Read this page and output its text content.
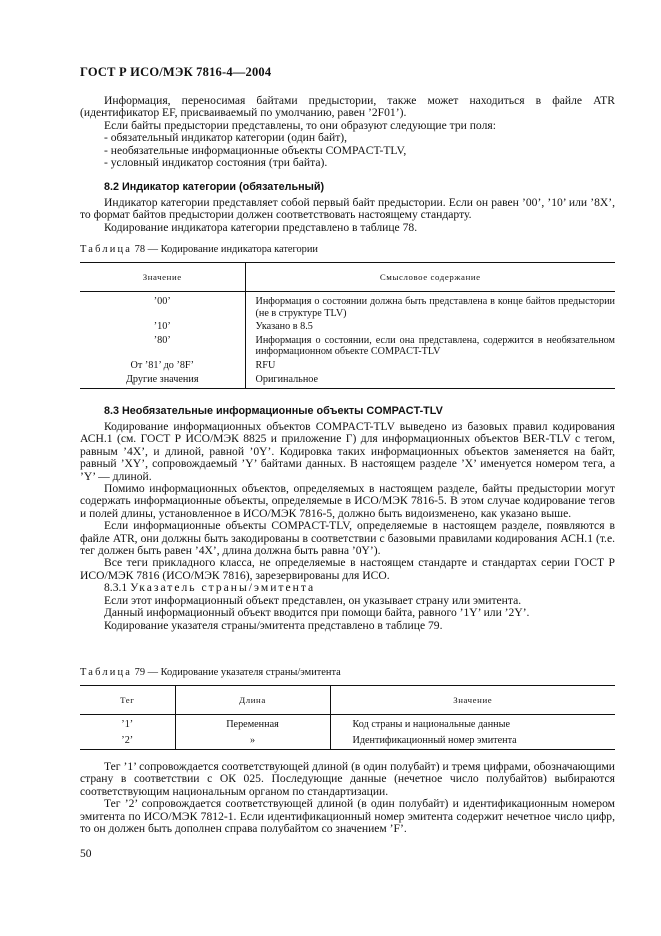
ГОСТ Р ИСО/МЭК 7816-4—2004

Информация, переносимая байтами предыстории, также может находиться в файле ATR (идентификатор EF, присваиваемый по умолчанию, равен ’2F01’).

Если байты предыстории представлены, то они образуют следующие три поля:

- обязательный индикатор категории (один байт),

- необязательные информационные объекты COMPACT-TLV,

- условный индикатор состояния (три байта).

8.2 Индикатор категории (обязательный)

Индикатор категории представляет собой первый байт предыстории. Если он равен ’00’, ’10’ или ’8X’, то формат байтов предыстории должен соответствовать настоящему стандарту.

Кодирование индикатора категории представлено в таблице 78.

Таблица 78 — Кодирование индикатора категории
Значение	Смысловое содержание
’00’	Информация о состоянии должна быть представлена в конце байтов предыстории (не в структуре TLV)
’10’	Указано в 8.5
’80’	Информация о состоянии, если она представлена, содержится в необязательном информационном объекте COMPACT-TLV
От ’81’ до ’8F’	RFU
Другие значения	Оригинальное

8.3 Необязательные информационные объекты COMPACT-TLV

Кодирование информационных объектов COMPACT-TLV выведено из базовых правил кодирования АСН.1 (см. ГОСТ Р ИСО/МЭК 8825 и приложение Г) для информационных объектов BER-TLV с тегом, равным ’4X’, и длиной, равной ’0Y’. Кодировка таких информационных объектов заменяется на байт, равный ’XY’, сопровождаемый ’Y’ байтами данных. В настоящем разделе ’X’ именуется номером тега, а ’Y’ — длиной.

Помимо информационных объектов, определяемых в настоящем разделе, байты предыстории могут содержать информационные объекты, определяемые в ИСО/МЭК 7816-5. В этом случае кодирование тегов и полей длины, установленное в ИСО/МЭК 7816-5, должно быть видоизменено, как указано выше.

Если информационные объекты COMPACT-TLV, определяемые в настоящем разделе, появляются в файле ATR, они должны быть закодированы в соответствии с базовыми правилами кодирования АСН.1 (т.е. тег должен быть равен ’4X’, длина должна быть равна ’0Y’).

Все теги прикладного класса, не определяемые в настоящем стандарте и стандартах серии ГОСТ Р ИСО/МЭК 7816 (ИСО/МЭК 7816), зарезервированы для ИСО.

8.3.1 Указатель страны/эмитента

Если этот информационный объект представлен, он указывает страну или эмитента.

Данный информационный объект вводится при помощи байта, равного ’1Y’ или ’2Y’.

Кодирование указателя страны/эмитента представлено в таблице 79.

Таблица 79 — Кодирование указателя страны/эмитента
Тег	Длина	Значение
’1’	Переменная	Код страны и национальные данные
’2’	»	Идентификационный номер эмитента

Тег ’1’ сопровождается соответствующей длиной (в один полубайт) и тремя цифрами, обозначающими страну в соответствии с ОК 025. Последующие данные (нечетное число полубайтов) выбираются соответствующим национальным органом по стандартизации.

Тег ’2’ сопровождается соответствующей длиной (в один полубайт) и идентификационным номером эмитента по ИСО/МЭК 7812-1. Если идентификационный номер эмитента содержит нечетное число цифр, то он должен быть дополнен справа полубайтом со значением ’F’.

50
